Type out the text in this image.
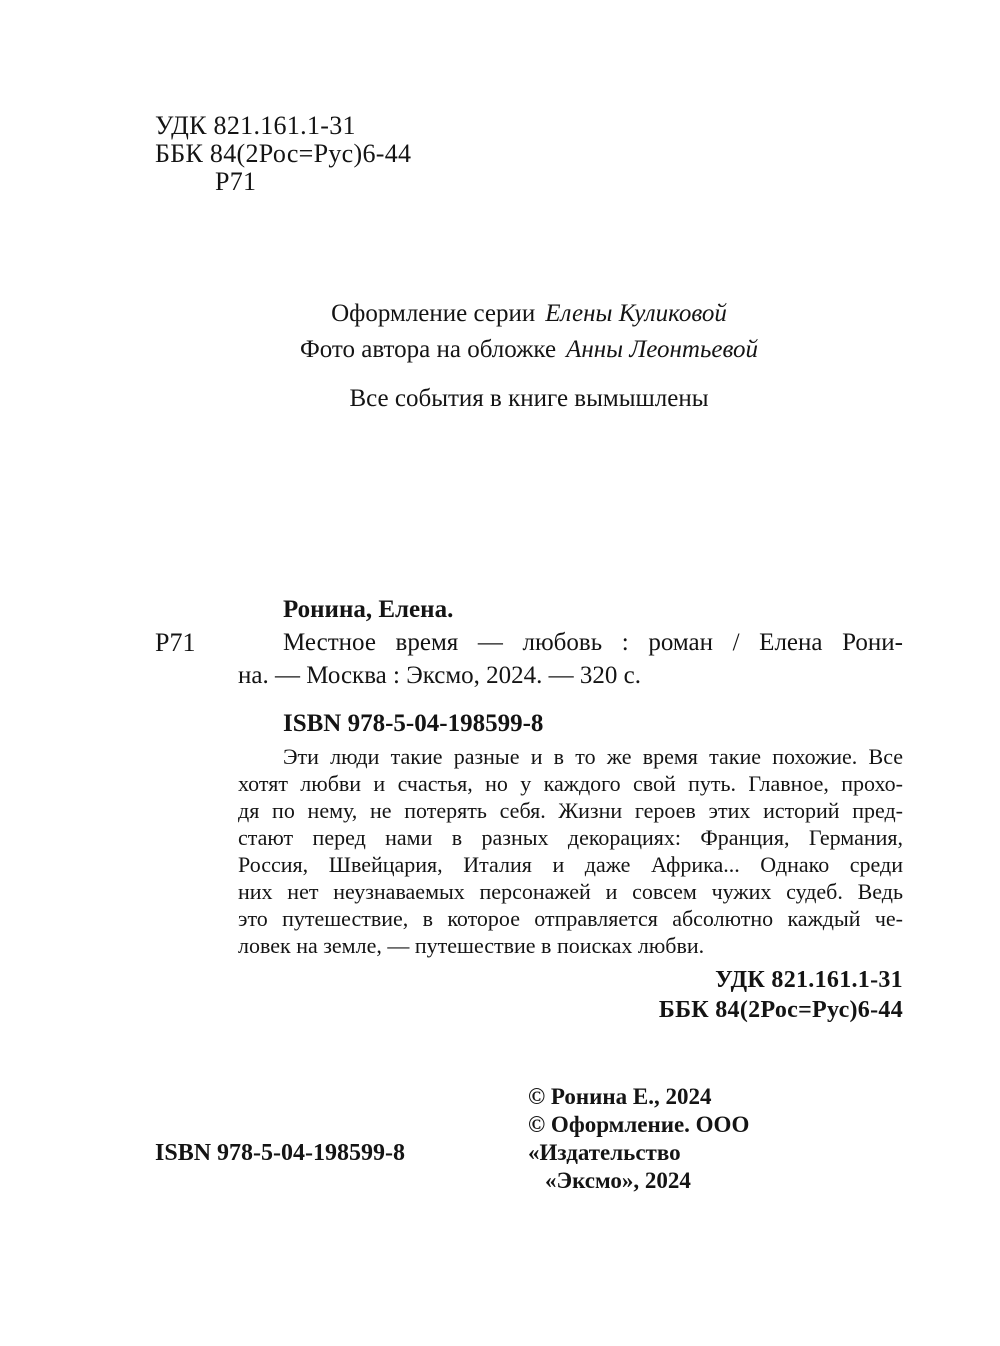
УДК 821.161.1-31
ББК 84(2Рос=Рус)6-44
Р71
Оформление серии Елены Куликовой
Фото автора на обложке Анны Леонтьевой
Все события в книге вымышлены
Р71
Ронина, Елена.
Местное время — любовь : роман / Елена Рони-
на. — Москва : Эксмо, 2024. — 320 с.
ISBN 978-5-04-198599-8
Эти люди такие разные и в то же время такие похожие. Все
хотят любви и счастья, но у каждого свой путь. Главное, прохо-
дя по нему, не потерять себя. Жизни героев этих историй пред-
стают перед нами в разных декорациях: Франция, Германия,
Россия, Швейцария, Италия и даже Африка... Однако среди
них нет неузнаваемых персонажей и совсем чужих судеб. Ведь
это путешествие, в которое отправляется абсолютно каждый че-
ловек на земле, — путешествие в поисках любви.
УДК 821.161.1-31
ББК 84(2Рос=Рус)6-44
© Ронина Е., 2024
© Оформление. ООО «Издательство
«Эксмо», 2024
ISBN 978-5-04-198599-8
